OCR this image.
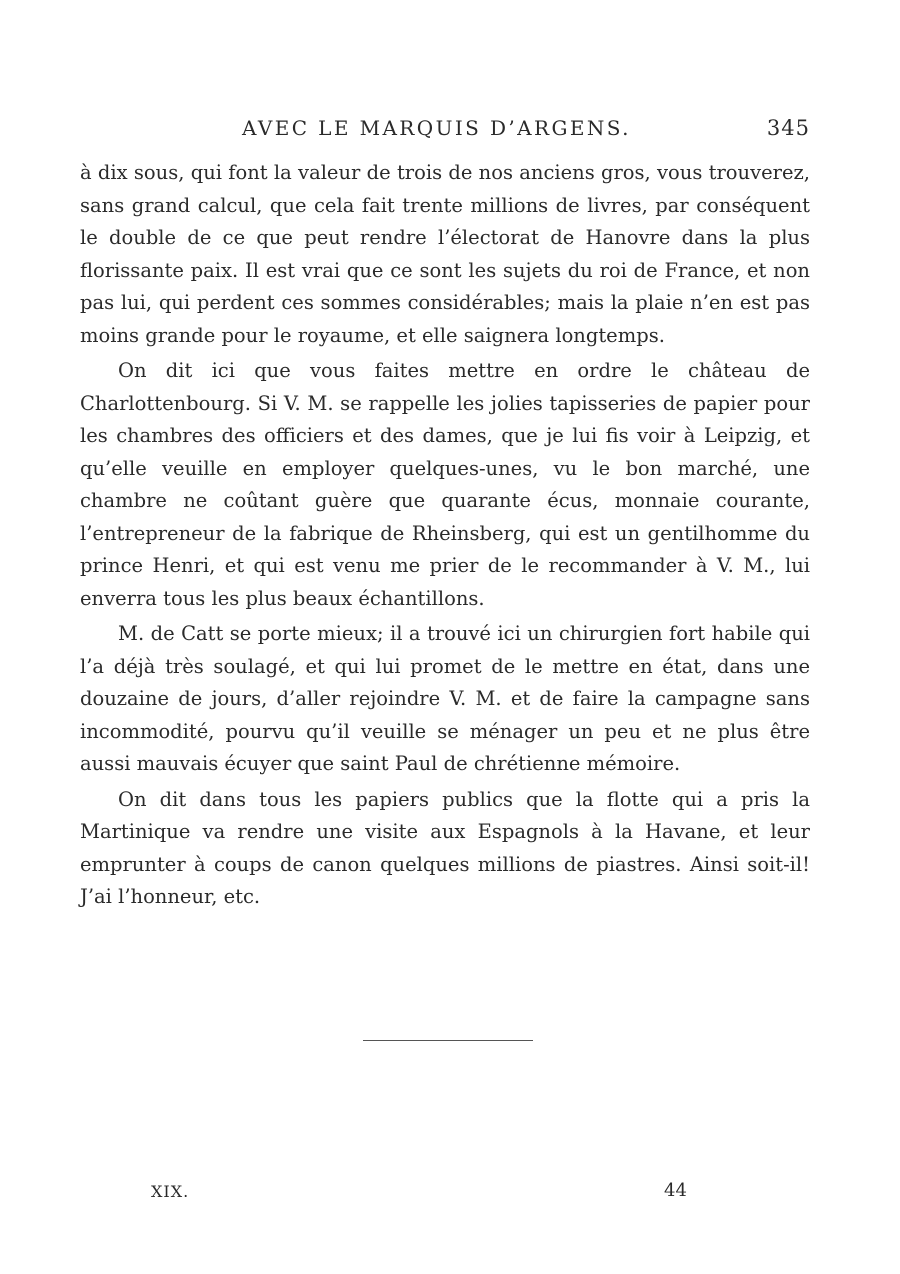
AVEC LE MARQUIS D’ARGENS.	345

à dix sous, qui font la valeur de trois de nos anciens gros, vous trouverez, sans grand calcul, que cela fait trente millions de livres, par conséquent le double de ce que peut rendre l’électorat de Hanovre dans la plus florissante paix. Il est vrai que ce sont les sujets du roi de France, et non pas lui, qui perdent ces sommes considérables; mais la plaie n’en est pas moins grande pour le royaume, et elle saignera longtemps.

On dit ici que vous faites mettre en ordre le château de Charlottenbourg. Si V. M. se rappelle les jolies tapisseries de papier pour les chambres des officiers et des dames, que je lui fis voir à Leipzig, et qu’elle veuille en employer quelques-unes, vu le bon marché, une chambre ne coûtant guère que quarante écus, monnaie courante, l’entrepreneur de la fabrique de Rheinsberg, qui est un gentilhomme du prince Henri, et qui est venu me prier de le recommander à V. M., lui enverra tous les plus beaux échantillons.

M. de Catt se porte mieux; il a trouvé ici un chirurgien fort habile qui l’a déjà très soulagé, et qui lui promet de le mettre en état, dans une douzaine de jours, d’aller rejoindre V. M. et de faire la campagne sans incommodité, pourvu qu’il veuille se ménager un peu et ne plus être aussi mauvais écuyer que saint Paul de chrétienne mémoire.

On dit dans tous les papiers publics que la flotte qui a pris la Martinique va rendre une visite aux Espagnols à la Havane, et leur emprunter à coups de canon quelques millions de piastres. Ainsi soit-il! J’ai l’honneur, etc.

XIX.	44
